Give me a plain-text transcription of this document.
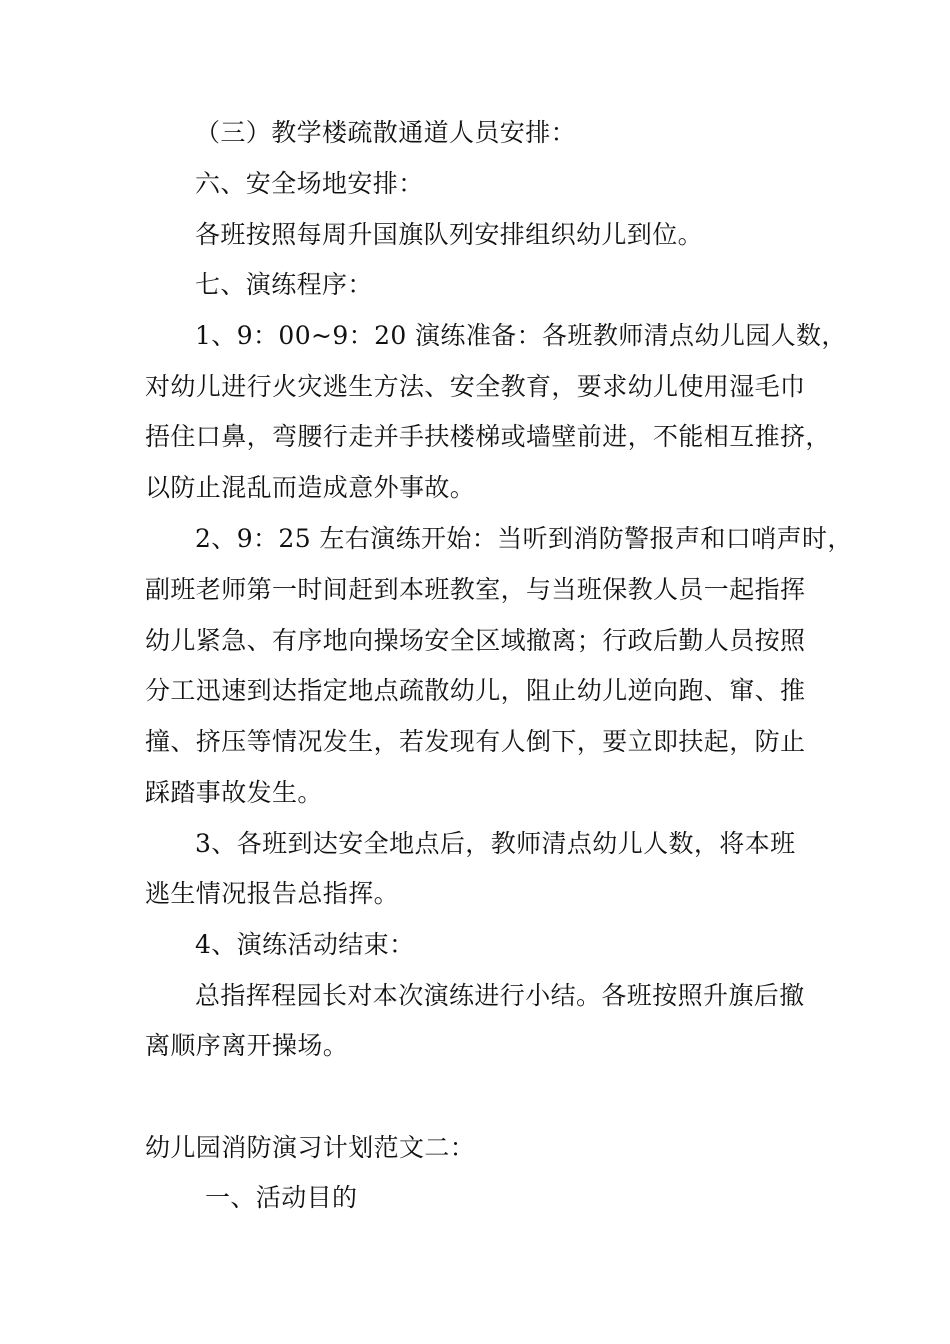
（三）教学楼疏散通道人员安排：
六、安全场地安排：
各班按照每周升国旗队列安排组织幼儿到位。
七、演练程序：
1、9：00~9：20 演练准备：各班教师清点幼儿园人数，
对幼儿进行火灾逃生方法、安全教育，要求幼儿使用湿毛巾
捂住口鼻，弯腰行走并手扶楼梯或墙壁前进，不能相互推挤，
以防止混乱而造成意外事故。
2、9：25 左右演练开始：当听到消防警报声和口哨声时，
副班老师第一时间赶到本班教室，与当班保教人员一起指挥
幼儿紧急、有序地向操场安全区域撤离；行政后勤人员按照
分工迅速到达指定地点疏散幼儿，阻止幼儿逆向跑、窜、推
撞、挤压等情况发生，若发现有人倒下，要立即扶起，防止
踩踏事故发生。
3、各班到达安全地点后，教师清点幼儿人数，将本班
逃生情况报告总指挥。
4、演练活动结束：
总指挥程园长对本次演练进行小结。各班按照升旗后撤
离顺序离开操场。
幼儿园消防演习计划范文二：
一、活动目的
